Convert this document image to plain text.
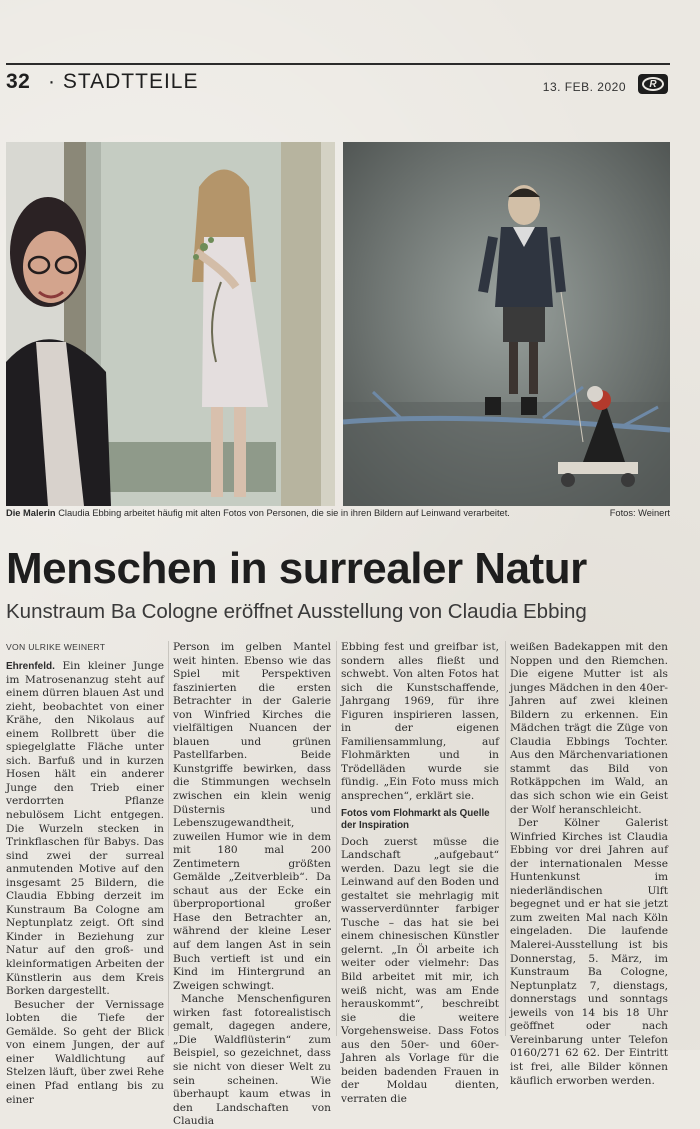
32 · STADTTEILE	13. FEB. 2020	R
Die Malerin Claudia Ebbing arbeitet häufig mit alten Fotos von Personen, die sie in ihren Bildern auf Leinwand verarbeitet.	Fotos: Weinert
Menschen in surrealer Natur
Kunstraum Ba Cologne eröffnet Ausstellung von Claudia Ebbing
VON ULRIKE WEINERT

Ehrenfeld. Ein kleiner Junge im Matrosenanzug steht auf einem dürren blauen Ast und zieht, beobachtet von einer Krähe, den Nikolaus auf einem Rollbrett über die spiegelglatte Fläche unter sich. Barfuß und in kurzen Hosen hält ein anderer Junge den Trieb einer verdorrten Pflanze nebulösem Licht entgegen. Die Wurzeln stecken in Trinkflaschen für Babys. Das sind zwei der surreal anmutenden Motive auf den insgesamt 25 Bildern, die Claudia Ebbing derzeit im Kunstraum Ba Cologne am Neptunplatz zeigt. Oft sind Kinder in Beziehung zur Natur auf den groß- und kleinformatigen Arbeiten der Künstlerin aus dem Kreis Borken dargestellt.

Besucher der Vernissage lobten die Tiefe der Gemälde. So geht der Blick von einem Jungen, der auf einer Waldlichtung auf Stelzen läuft, über zwei Rehe einen Pfad entlang bis zu einer

Person im gelben Mantel weit hinten. Ebenso wie das Spiel mit Perspektiven faszinierten die ersten Betrachter in der Galerie von Winfried Kirches die vielfältigen Nuancen der blauen und grünen Pastellfarben. Beide Kunstgriffe bewirken, dass die Stimmungen wechseln zwischen ein klein wenig Düsternis und Lebenszugewandtheit, zuweilen Humor wie in dem mit 180 mal 200 Zentimetern größten Gemälde „Zeitverbleib“. Da schaut aus der Ecke ein überproportional großer Hase den Betrachter an, während der kleine Leser auf dem langen Ast in sein Buch vertieft ist und ein Kind im Hintergrund an Zweigen schwingt.

Manche Menschenfiguren wirken fast fotorealistisch gemalt, dagegen andere, „Die Waldflüsterin“ zum Beispiel, so gezeichnet, dass sie nicht von dieser Welt zu sein scheinen. Wie überhaupt kaum etwas in den Landschaften von Claudia

Ebbing fest und greifbar ist, sondern alles fließt und schwebt. Von alten Fotos hat sich die Kunstschaffende, Jahrgang 1969, für ihre Figuren inspirieren lassen, in der eigenen Familiensammlung, auf Flohmärkten und in Trödelläden wurde sie fündig. „Ein Foto muss mich ansprechen“, erklärt sie.

Fotos vom Flohmarkt als Quelle der Inspiration

Doch zuerst müsse die Landschaft „aufgebaut“ werden. Dazu legt sie die Leinwand auf den Boden und gestaltet sie mehrlagig mit wasserverdünnter farbiger Tusche – das hat sie bei einem chinesischen Künstler gelernt. „In Öl arbeite ich weiter oder vielmehr: Das Bild arbeitet mit mir, ich weiß nicht, was am Ende herauskommt“, beschreibt sie die weitere Vorgehensweise. Dass Fotos aus den 50er- und 60er-Jahren als Vorlage für die beiden badenden Frauen in der Moldau dienten, verraten die

weißen Badekappen mit den Noppen und den Riemchen. Die eigene Mutter ist als junges Mädchen in den 40er-Jahren auf zwei kleinen Bildern zu erkennen. Ein Mädchen trägt die Züge von Claudia Ebbings Tochter. Aus den Märchenvariationen stammt das Bild von Rotkäppchen im Wald, an das sich schon wie ein Geist der Wolf heranschleicht.

Der Kölner Galerist Winfried Kirches ist Claudia Ebbing vor drei Jahren auf der internationalen Messe Huntenkunst im niederländischen Ulft begegnet und er hat sie jetzt zum zweiten Mal nach Köln eingeladen. Die laufende Malerei-Ausstellung ist bis Donnerstag, 5. März, im Kunstraum Ba Cologne, Neptunplatz 7, dienstags, donnerstags und sonntags jeweils von 14 bis 18 Uhr geöffnet oder nach Vereinbarung unter Telefon 0160/271 62 62. Der Eintritt ist frei, alle Bilder können käuflich erworben werden.
